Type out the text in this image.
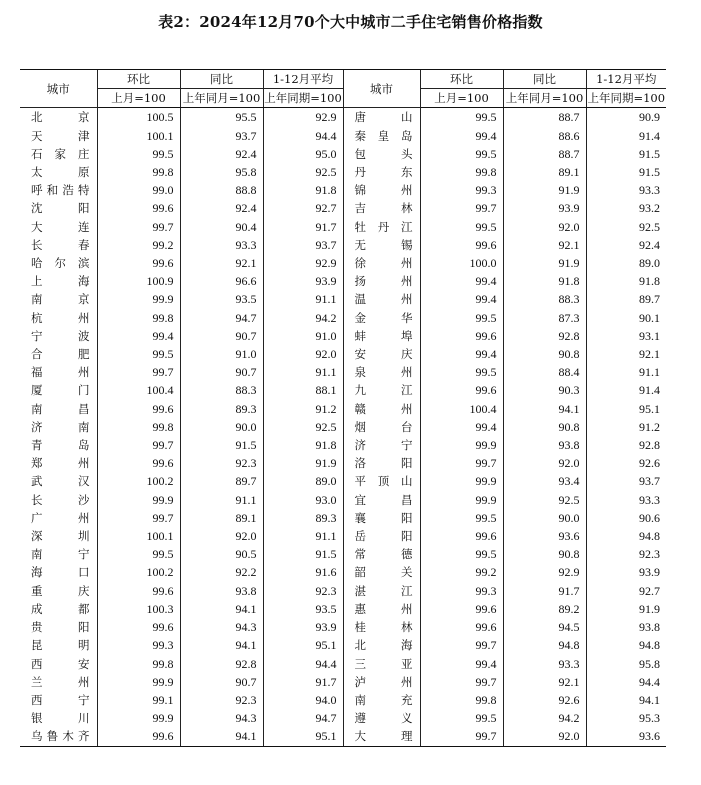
表2：2024年12月70个大中城市二手住宅销售价格指数
城市	环比	同比	1-12月平均	城市	环比	同比	1-12月平均
	上月=100	上年同月=100	上年同期=100		上月=100	上年同月=100	上年同期=100
北京	100.5	95.5	92.9	唐山	99.5	88.7	90.9
天津	100.1	93.7	94.4	秦皇岛	99.4	88.6	91.4
石家庄	99.5	92.4	95.0	包头	99.5	88.7	91.5
太原	99.8	95.8	92.5	丹东	99.8	89.1	91.5
呼和浩特	99.0	88.8	91.8	锦州	99.3	91.9	93.3
沈阳	99.6	92.4	92.7	吉林	99.7	93.9	93.2
大连	99.7	90.4	91.7	牡丹江	99.5	92.0	92.5
长春	99.2	93.3	93.7	无锡	99.6	92.1	92.4
哈尔滨	99.6	92.1	92.9	徐州	100.0	91.9	89.0
上海	100.9	96.6	93.9	扬州	99.4	91.8	91.8
南京	99.9	93.5	91.1	温州	99.4	88.3	89.7
杭州	99.8	94.7	94.2	金华	99.5	87.3	90.1
宁波	99.4	90.7	91.0	蚌埠	99.6	92.8	93.1
合肥	99.5	91.0	92.0	安庆	99.4	90.8	92.1
福州	99.7	90.7	91.1	泉州	99.5	88.4	91.1
厦门	100.4	88.3	88.1	九江	99.6	90.3	91.4
南昌	99.6	89.3	91.2	赣州	100.4	94.1	95.1
济南	99.8	90.0	92.5	烟台	99.4	90.8	91.2
青岛	99.7	91.5	91.8	济宁	99.9	93.8	92.8
郑州	99.6	92.3	91.9	洛阳	99.7	92.0	92.6
武汉	100.2	89.7	89.0	平顶山	99.9	93.4	93.7
长沙	99.9	91.1	93.0	宜昌	99.9	92.5	93.3
广州	99.7	89.1	89.3	襄阳	99.5	90.0	90.6
深圳	100.1	92.0	91.1	岳阳	99.6	93.6	94.8
南宁	99.5	90.5	91.5	常德	99.5	90.8	92.3
海口	100.2	92.2	91.6	韶关	99.2	92.9	93.9
重庆	99.6	93.8	92.3	湛江	99.3	91.7	92.7
成都	100.3	94.1	93.5	惠州	99.6	89.2	91.9
贵阳	99.6	94.3	93.9	桂林	99.6	94.5	93.8
昆明	99.3	94.1	95.1	北海	99.7	94.8	94.8
西安	99.8	92.8	94.4	三亚	99.4	93.3	95.8
兰州	99.9	90.7	91.7	泸州	99.7	92.1	94.4
西宁	99.1	92.3	94.0	南充	99.8	92.6	94.1
银川	99.9	94.3	94.7	遵义	99.5	94.2	95.3
乌鲁木齐	99.6	94.1	95.1	大理	99.7	92.0	93.6
